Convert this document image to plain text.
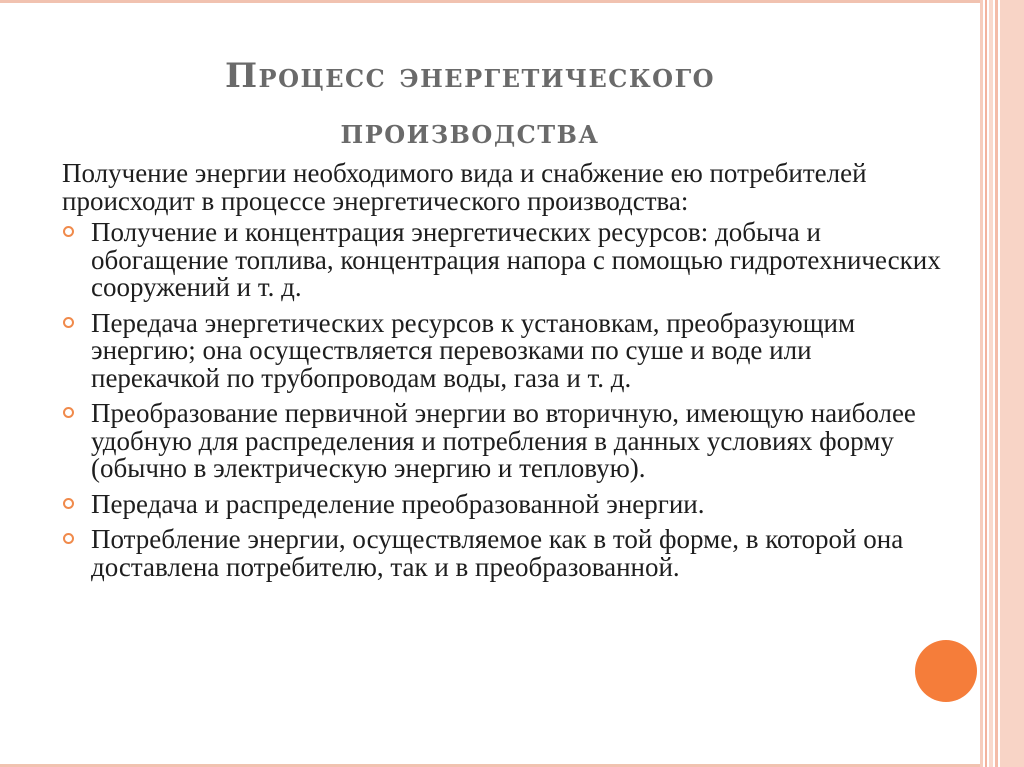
Процесс энергетического
производства

Получение энергии необходимого вида и снабжение ею потребителей происходит в процессе энергетического производства:

Получение и концентрация энергетических ресурсов: добыча и обогащение топлива, концентрация напора с помощью гидротехнических сооружений и т. д.
Передача энергетических ресурсов к установкам, преобразующим энергию; она осуществляется перевозками по суше и воде или перекачкой по трубопроводам воды, газа и т. д.
Преобразование первичной энергии во вторичную, имеющую наиболее удобную для распределения и потребления в данных условиях форму (обычно в электрическую энергию и тепловую).
Передача и распределение преобразованной энергии.
Потребление энергии, осуществляемое как в той форме, в которой она доставлена потребителю, так и в преобразованной.
